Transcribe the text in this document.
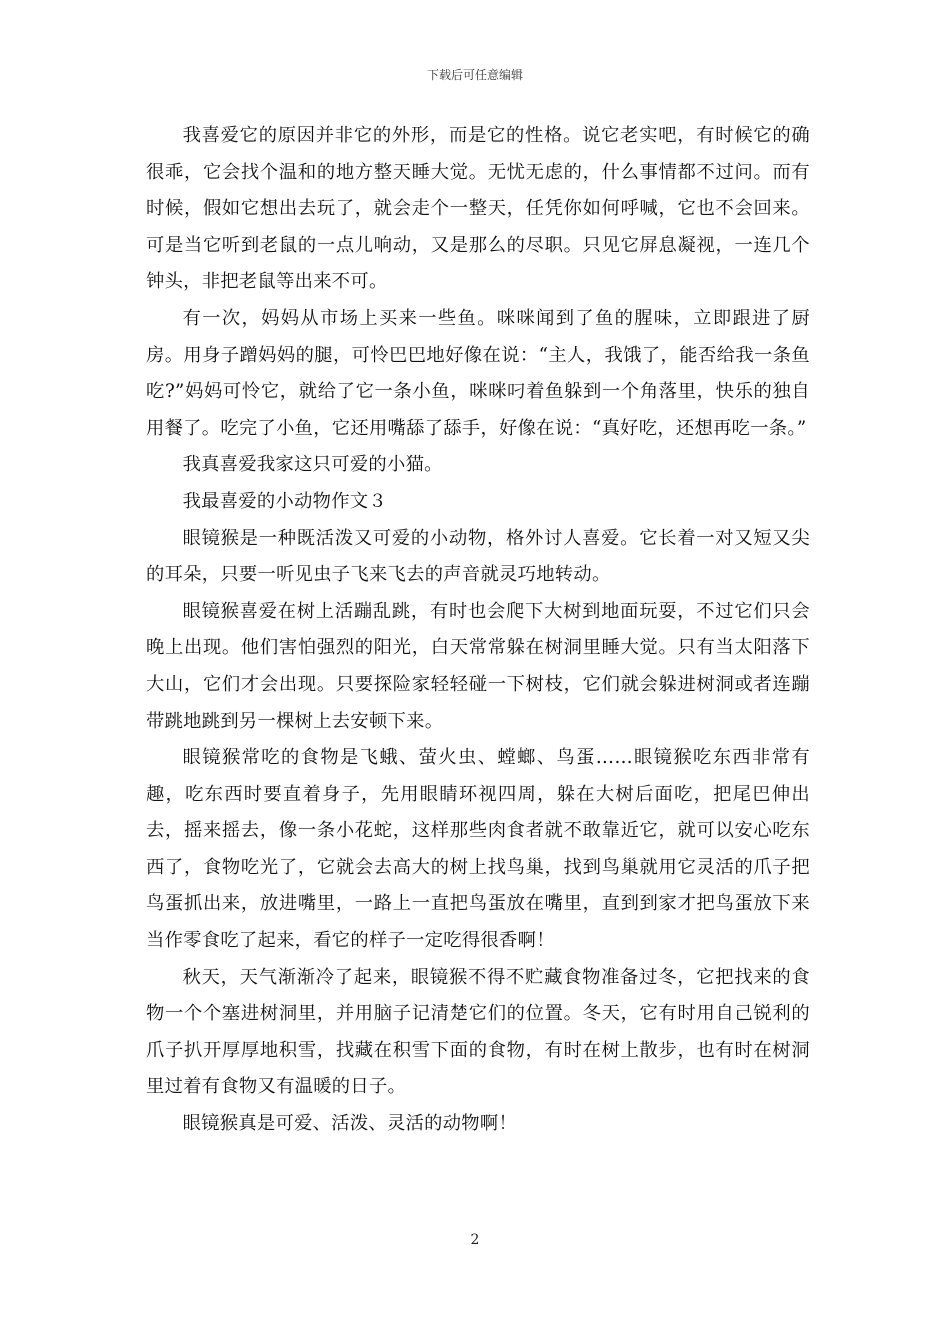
下载后可任意编辑

我喜爱它的原因并非它的外形，而是它的性格。说它老实吧，有时候它的确很乖，它会找个温和的地方整天睡大觉。无忧无虑的，什么事情都不过问。而有时候，假如它想出去玩了，就会走个一整天，任凭你如何呼喊，它也不会回来。可是当它听到老鼠的一点儿响动，又是那么的尽职。只见它屏息凝视，一连几个钟头，非把老鼠等出来不可。

有一次，妈妈从市场上买来一些鱼。咪咪闻到了鱼的腥味，立即跟进了厨房。用身子蹭妈妈的腿，可怜巴巴地好像在说：“主人，我饿了，能否给我一条鱼吃?”妈妈可怜它，就给了它一条小鱼，咪咪叼着鱼躲到一个角落里，快乐的独自用餐了。吃完了小鱼，它还用嘴舔了舔手，好像在说：“真好吃，还想再吃一条。”

我真喜爱我家这只可爱的小猫。

我最喜爱的小动物作文３

眼镜猴是一种既活泼又可爱的小动物，格外讨人喜爱。它长着一对又短又尖的耳朵，只要一听见虫子飞来飞去的声音就灵巧地转动。

眼镜猴喜爱在树上活蹦乱跳，有时也会爬下大树到地面玩耍，不过它们只会晚上出现。他们害怕强烈的阳光，白天常常躲在树洞里睡大觉。只有当太阳落下大山，它们才会出现。只要探险家轻轻碰一下树枝，它们就会躲进树洞或者连蹦带跳地跳到另一棵树上去安顿下来。

眼镜猴常吃的食物是飞蛾、萤火虫、螳螂、鸟蛋……眼镜猴吃东西非常有趣，吃东西时要直着身子，先用眼睛环视四周，躲在大树后面吃，把尾巴伸出去，摇来摇去，像一条小花蛇，这样那些肉食者就不敢靠近它，就可以安心吃东西了，食物吃光了，它就会去高大的树上找鸟巢，找到鸟巢就用它灵活的爪子把鸟蛋抓出来，放进嘴里，一路上一直把鸟蛋放在嘴里，直到到家才把鸟蛋放下来当作零食吃了起来，看它的样子一定吃得很香啊！

秋天，天气渐渐冷了起来，眼镜猴不得不贮藏食物准备过冬，它把找来的食物一个个塞进树洞里，并用脑子记清楚它们的位置。冬天，它有时用自己锐利的爪子扒开厚厚地积雪，找藏在积雪下面的食物，有时在树上散步，也有时在树洞里过着有食物又有温暖的日子。

眼镜猴真是可爱、活泼、灵活的动物啊！

2
